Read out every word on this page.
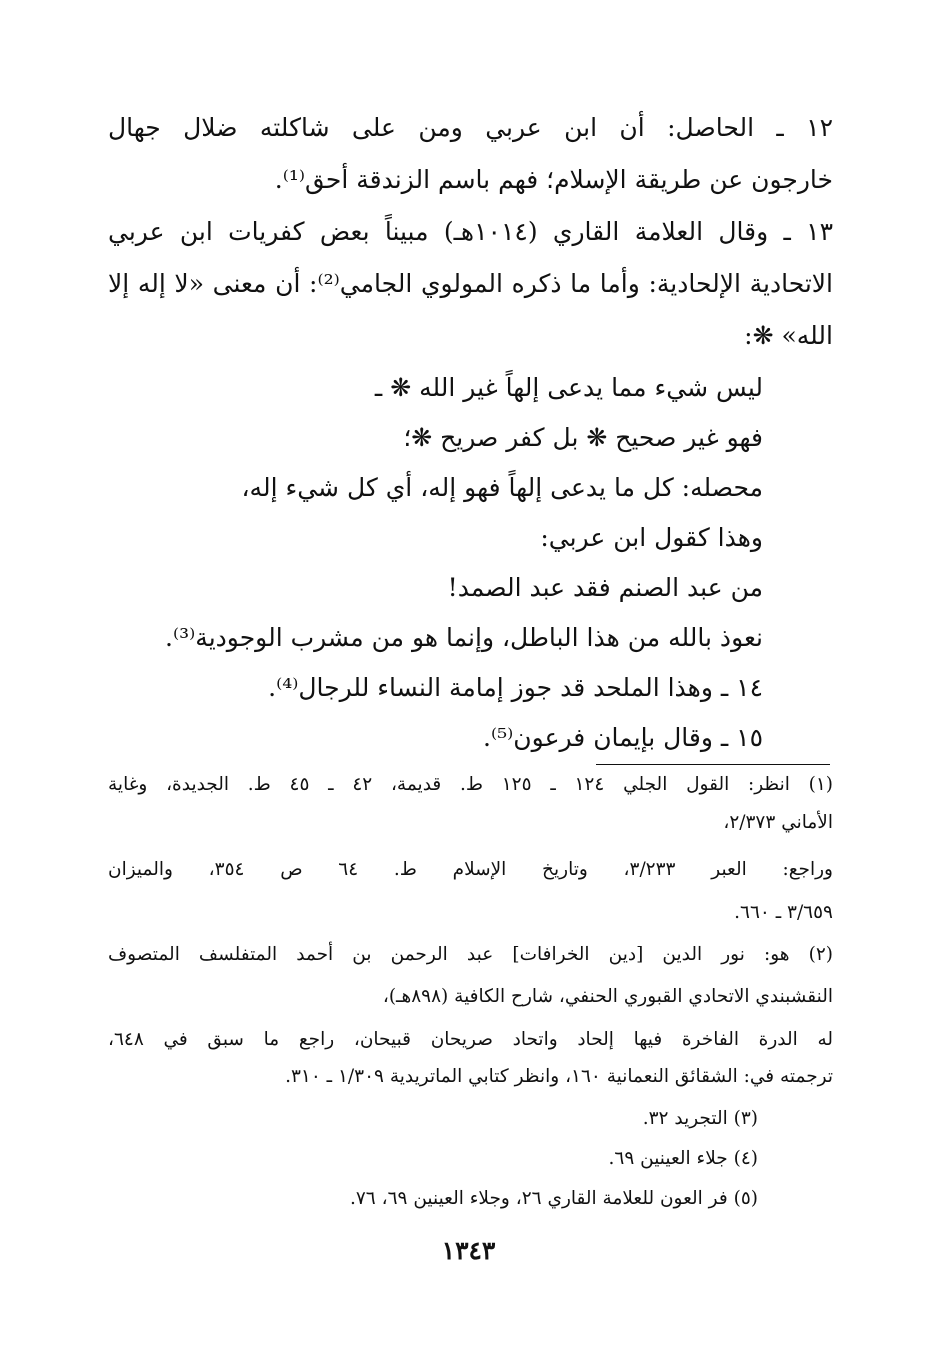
١٢ ـ الحاصل: أن ابن عربي ومن على شاكلته ضلال جهال
خارجون عن طريقة الإسلام؛ فهم باسم الزندقة أحق⁽¹⁾.
١٣ ـ وقال العلامة القاري (١٠١٤هـ) مبيناً بعض كفريات ابن عربي
الاتحادية الإلحادية: وأما ما ذكره المولوي الجامي⁽²⁾: أن معنى «لا إله إلا
الله» ❋:
ليس شيء مما يدعى إلهاً غير الله ❋ ـ
فهو غير صحيح ❋ بل كفر صريح ❋؛
محصله: كل ما يدعى إلهاً فهو إله، أي كل شيء إله،
وهذا كقول ابن عربي:
من عبد الصنم فقد عبد الصمد!
نعوذ بالله من هذا الباطل، وإنما هو من مشرب الوجودية⁽³⁾.
١٤ ـ وهذا الملحد قد جوز إمامة النساء للرجال⁽⁴⁾.
١٥ ـ وقال بإيمان فرعون⁽⁵⁾.
(١) انظر: القول الجلي ١٢٤ ـ ١٢٥ ط. قديمة، ٤٢ ـ ٤٥ ط. الجديدة، وغاية
الأماني ٢/٣٧٣،
وراجع: العبر ٣/٢٣٣، وتاريخ الإسلام ط. ٦٤ ص ٣٥٤، والميزان
٣/٦٥٩ ـ ٦٦٠.
(٢) هو: نور الدين [دين الخرافات] عبد الرحمن بن أحمد المتفلسف المتصوف
النقشبندي الاتحادي القبوري الحنفي، شارح الكافية (٨٩٨هـ)،
له الدرة الفاخرة فيها إلحاد واتحاد صريحان قبيحان، راجع ما سبق في ٦٤٨،
ترجمته في: الشقائق النعمانية ١٦٠، وانظر كتابي الماتريدية ١/٣٠٩ ـ ٣١٠.
(٣) التجريد ٣٢.
(٤) جلاء العينين ٦٩.
(٥) فر العون للعلامة القاري ٢٦، وجلاء العينين ٦٩، ٧٦.
١٣٤٣
